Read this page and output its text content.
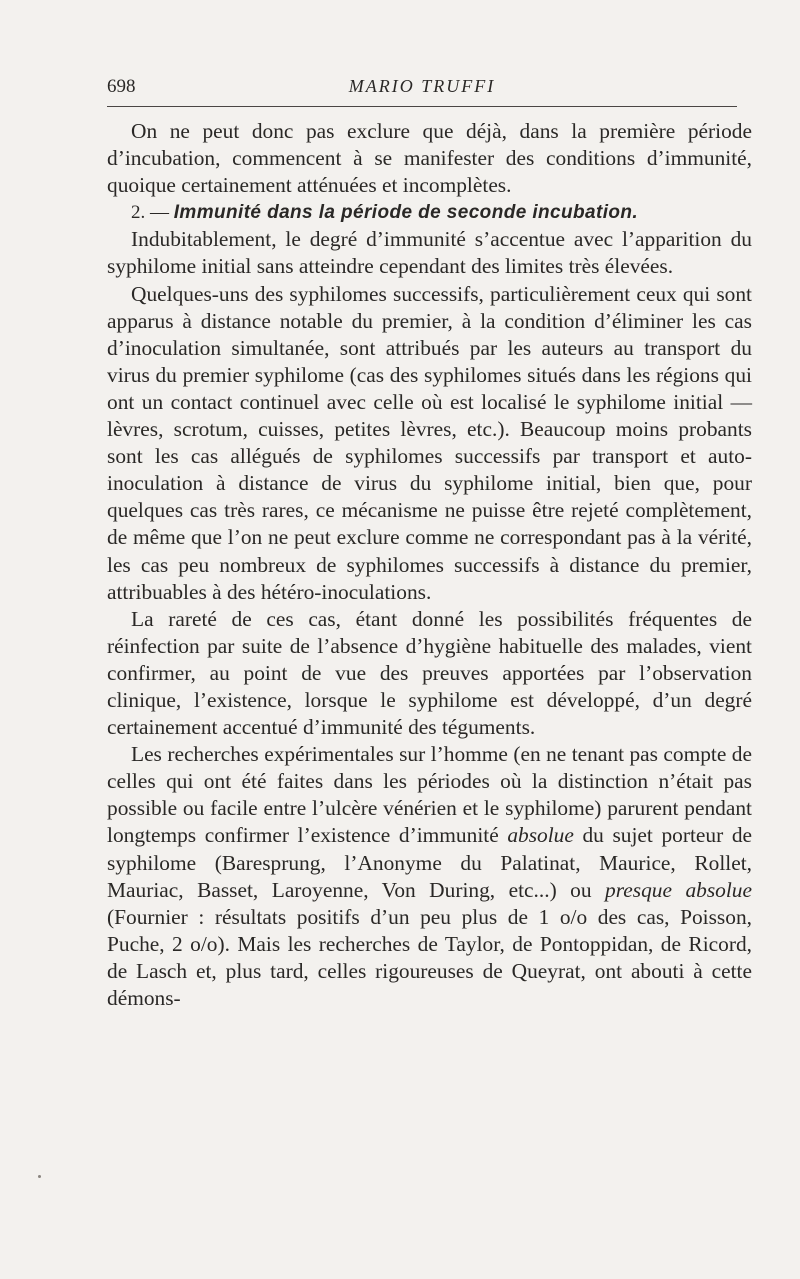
698	MARIO TRUFFI

On ne peut donc pas exclure que déjà, dans la première période d’incubation, commencent à se manifester des conditions d’immunité, quoique certainement atténuées et incomplètes.

2. — Immunité dans la période de seconde incubation.

Indubitablement, le degré d’immunité s’accentue avec l’apparition du syphilome initial sans atteindre cependant des limites très élevées.

Quelques-uns des syphilomes successifs, particulièrement ceux qui sont apparus à distance notable du premier, à la condition d’éliminer les cas d’inoculation simultanée, sont attribués par les auteurs au transport du virus du premier syphilome (cas des syphilomes situés dans les régions qui ont un contact continuel avec celle où est localisé le syphilome initial — lèvres, scrotum, cuisses, petites lèvres, etc.). Beaucoup moins probants sont les cas allégués de syphilomes successifs par transport et auto-inoculation à distance de virus du syphilome initial, bien que, pour quelques cas très rares, ce mécanisme ne puisse être rejeté complètement, de même que l’on ne peut exclure comme ne correspondant pas à la vérité, les cas peu nombreux de syphilomes successifs à distance du premier, attribuables à des hétéro-inoculations.

La rareté de ces cas, étant donné les possibilités fréquentes de réinfection par suite de l’absence d’hygiène habituelle des malades, vient confirmer, au point de vue des preuves apportées par l’observation clinique, l’existence, lorsque le syphilome est développé, d’un degré certainement accentué d’immunité des téguments.

Les recherches expérimentales sur l’homme (en ne tenant pas compte de celles qui ont été faites dans les périodes où la distinction n’était pas possible ou facile entre l’ulcère vénérien et le syphilome) parurent pendant longtemps confirmer l’existence d’immunité absolue du sujet porteur de syphilome (Baresprung, l’Anonyme du Palatinat, Maurice, Rollet, Mauriac, Basset, Laroyenne, Von During, etc...) ou presque absolue (Fournier : résultats positifs d’un peu plus de 1 o/o des cas, Poisson, Puche, 2 o/o). Mais les recherches de Taylor, de Pontoppidan, de Ricord, de Lasch et, plus tard, celles rigoureuses de Queyrat, ont abouti à cette démons-
